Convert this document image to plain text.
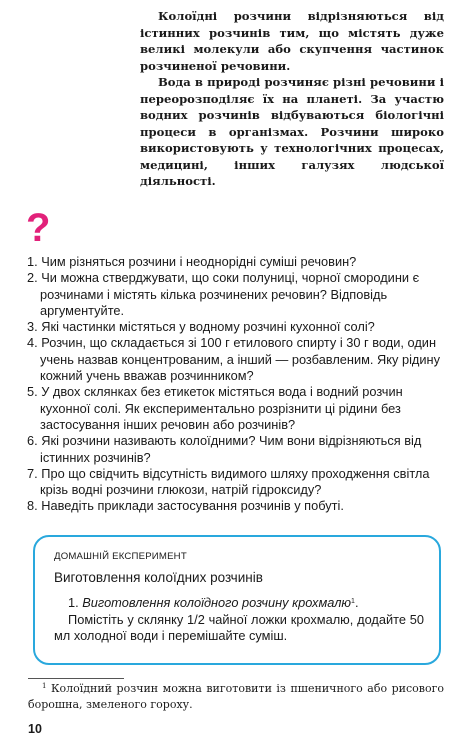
Колоїдні розчини відрізняються від істинних розчинів тим, що містять дуже великі молекули або скупчення частинок розчиненої речовини.

Вода в природі розчиняє різні речовини і переорозподіляє їх на планеті. За участю водних розчинів відбуваються біологічні процеси в організмах. Розчини широко використовують у технологічних процесах, медицині, інших галузях людської діяльності.

?
1. Чим різняться розчини і неоднорідні суміші речовин?
2. Чи можна стверджувати, що соки полуниці, чорної смородини є розчинами і містять кілька розчинених речовин? Відповідь аргументуйте.
3. Які частинки містяться у водному розчині кухонної солі?
4. Розчин, що складається зі 100 г етилового спирту і 30 г води, один учень назвав концентрованим, а інший — розбавленим. Яку рідину кожний учень вважав розчинником?
5. У двох склянках без етикеток містяться вода і водний розчин кухонної солі. Як експериментально розрізнити ці рідини без застосування інших речовин або розчинів?
6. Які розчини називають колоїдними? Чим вони відрізняються від істинних розчинів?
7. Про що свідчить відсутність видимого шляху проходження світла крізь водні розчини глюкози, натрій гідроксиду?
8. Наведіть приклади застосування розчинів у побуті.
ДОМАШНІЙ ЕКСПЕРИМЕНТ
Виготовлення колоїдних розчинів

1. Виготовлення колоїдного розчину крохмалю$^1$.

Помістіть у склянку 1/2 чайної ложки крохмалю, додайте 50 мл холодної води і перемішайте суміш.

$^1$ Колоїдний розчин можна виготовити із пшеничного або рисового борошна, змеленого гороху.
10
